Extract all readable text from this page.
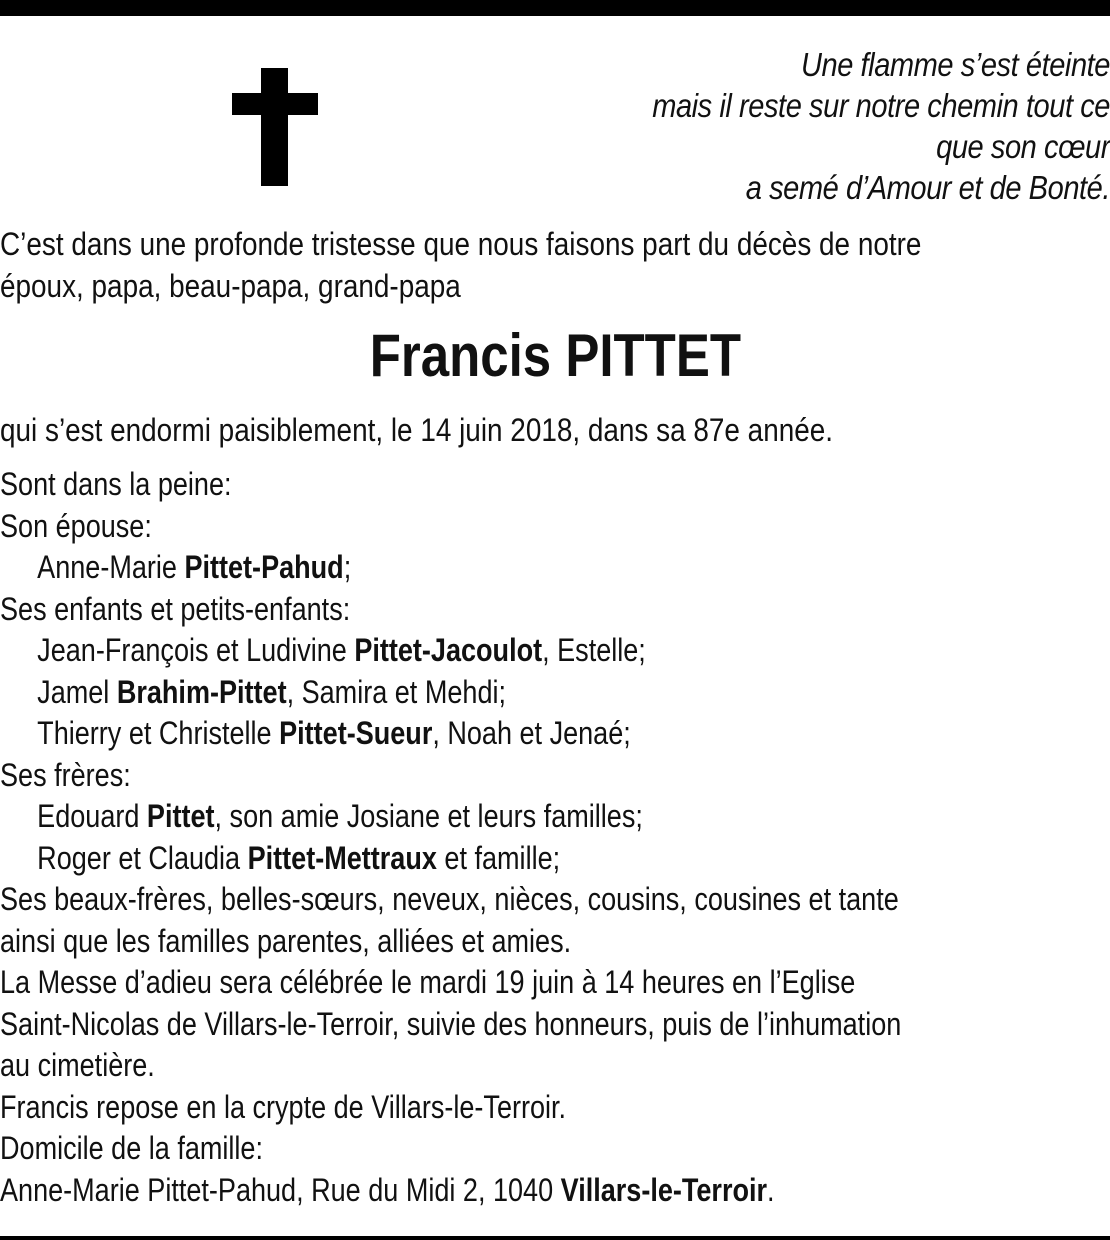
Une flamme s’est éteinte
mais il reste sur notre chemin tout ce
que son cœur
a semé d’Amour et de Bonté.
C’est dans une profonde tristesse que nous faisons part du décès de notre
époux, papa, beau-papa, grand-papa
Francis PITTET
qui s’est endormi paisiblement, le 14 juin 2018, dans sa 87e année.
Sont dans la peine:
Son épouse:
Anne-Marie Pittet-Pahud;
Ses enfants et petits-enfants:
Jean-François et Ludivine Pittet-Jacoulot, Estelle;
Jamel Brahim-Pittet, Samira et Mehdi;
Thierry et Christelle Pittet-Sueur, Noah et Jenaé;
Ses frères:
Edouard Pittet, son amie Josiane et leurs familles;
Roger et Claudia Pittet-Mettraux et famille;
Ses beaux-frères, belles-sœurs, neveux, nièces, cousins, cousines et tante
ainsi que les familles parentes, alliées et amies.
La Messe d’adieu sera célébrée le mardi 19 juin à 14 heures en l’Eglise
Saint-Nicolas de Villars-le-Terroir, suivie des honneurs, puis de l’inhumation
au cimetière.
Francis repose en la crypte de Villars-le-Terroir.
Domicile de la famille:
Anne-Marie Pittet-Pahud, Rue du Midi 2, 1040 Villars-le-Terroir.
